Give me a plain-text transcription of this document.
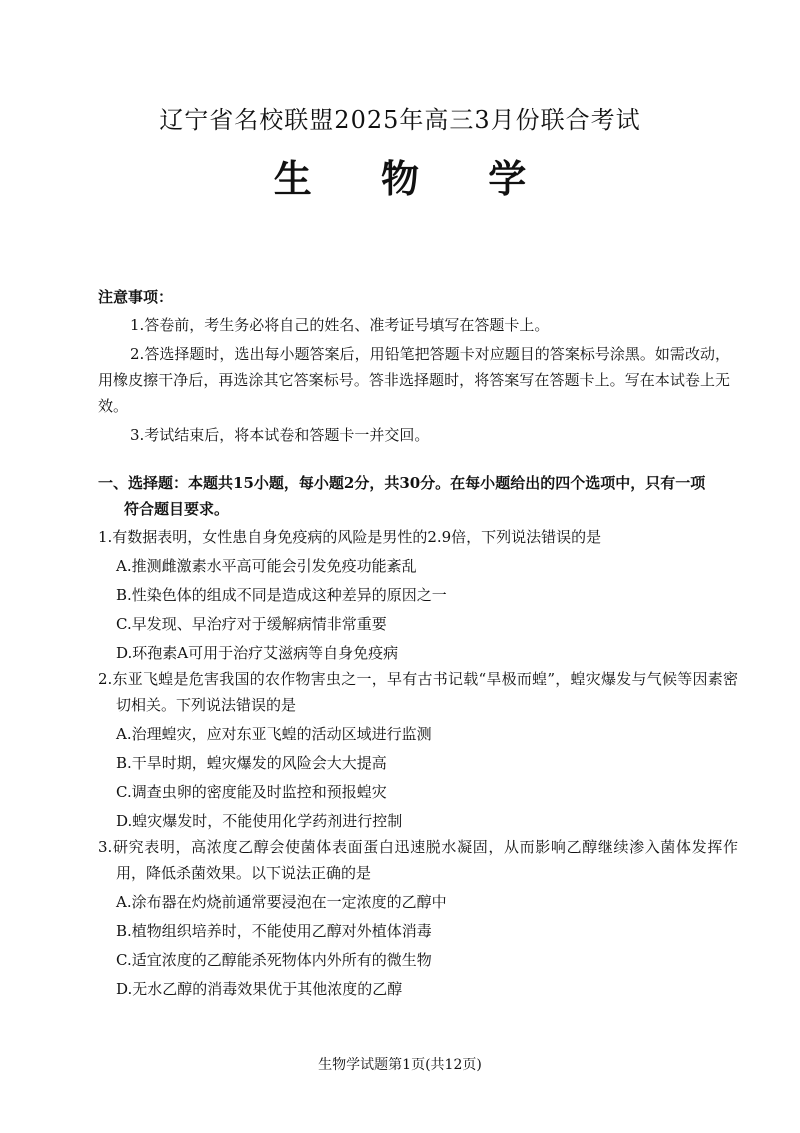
辽宁省名校联盟2025年高三3月份联合考试
生 物 学
注意事项：

1.答卷前，考生务必将自己的姓名、准考证号填写在答题卡上。

2.答选择题时，选出每小题答案后，用铅笔把答题卡对应题目的答案标号涂黑。如需改动，用橡皮擦干净后，再选涂其它答案标号。答非选择题时，将答案写在答题卡上。写在本试卷上无效。

3.考试结束后，将本试卷和答题卡一并交回。

一、选择题：本题共15小题，每小题2分，共30分。在每小题给出的四个选项中，只有一项
符合题目要求。
1.有数据表明，女性患自身免疫病的风险是男性的2.9倍，下列说法错误的是
A.推测雌激素水平高可能会引发免疫功能紊乱
B.性染色体的组成不同是造成这种差异的原因之一
C.早发现、早治疗对于缓解病情非常重要
D.环孢素A可用于治疗艾滋病等自身免疫病
2.东亚飞蝗是危害我国的农作物害虫之一，早有古书记载“旱极而蝗”，蝗灾爆发与气候等因素密切相关。下列说法错误的是
A.治理蝗灾，应对东亚飞蝗的活动区域进行监测
B.干旱时期，蝗灾爆发的风险会大大提高
C.调查虫卵的密度能及时监控和预报蝗灾
D.蝗灾爆发时，不能使用化学药剂进行控制
3.研究表明，高浓度乙醇会使菌体表面蛋白迅速脱水凝固，从而影响乙醇继续渗入菌体发挥作用，降低杀菌效果。以下说法正确的是
A.涂布器在灼烧前通常要浸泡在一定浓度的乙醇中
B.植物组织培养时，不能使用乙醇对外植体消毒
C.适宜浓度的乙醇能杀死物体内外所有的微生物
D.无水乙醇的消毒效果优于其他浓度的乙醇
生物学试题第1页(共12页)
